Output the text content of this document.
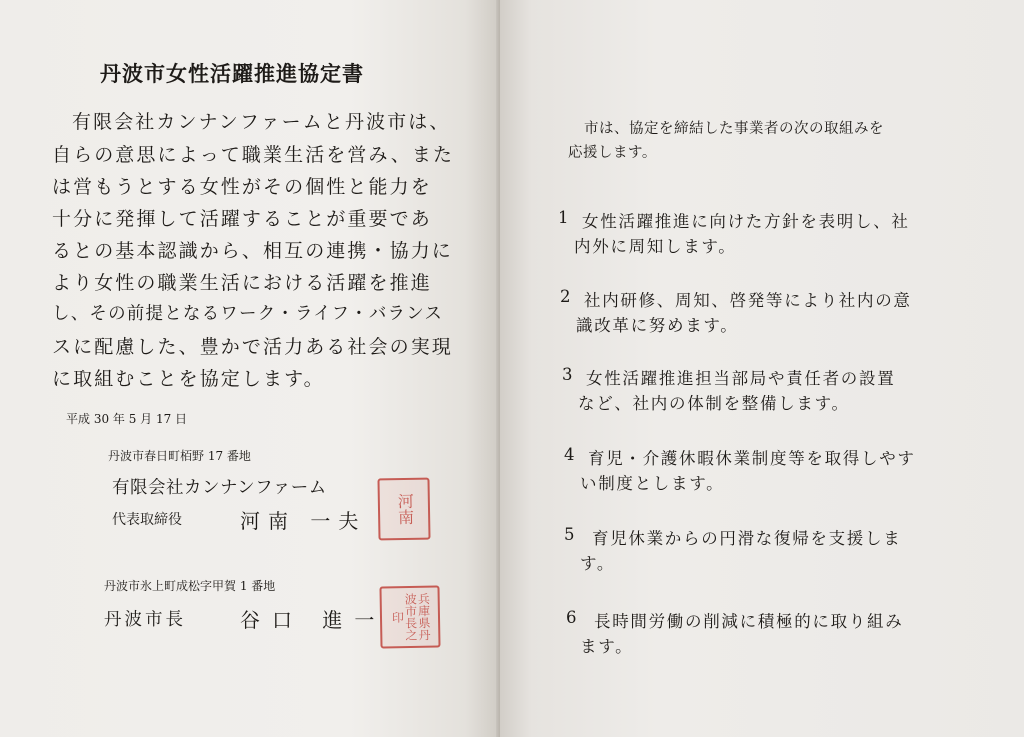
丹波市女性活躍推進協定書
有限会社カンナンファームと丹波市は、
自らの意思によって職業生活を営み、また
は営もうとする女性がその個性と能力を
十分に発揮して活躍することが重要であ
るとの基本認識から、相互の連携・協力に
より女性の職業生活における活躍を推進
し、その前提となるワーク・ライフ・バランス
スに配慮した、豊かで活力ある社会の実現
に取組むことを協定します。
平成 30 年 5 月 17 日
丹波市春日町栢野 17 番地
有限会社カンナンファーム
代表取締役	河南 一夫 河南
丹波市氷上町成松字甲賀 1 番地
丹波市長	谷口 進一	兵庫県丹波市長之印
市は、協定を締結した事業者の次の取組みを
応援します。
1 女性活躍推進に向けた方針を表明し、社
内外に周知します。
2 社内研修、周知、啓発等により社内の意
識改革に努めます。
3 女性活躍推進担当部局や責任者の設置
など、社内の体制を整備します。
4 育児・介護休暇休業制度等を取得しやす
い制度とします。
5 育児休業からの円滑な復帰を支援しま
す。
6 長時間労働の削減に積極的に取り組み
ます。
